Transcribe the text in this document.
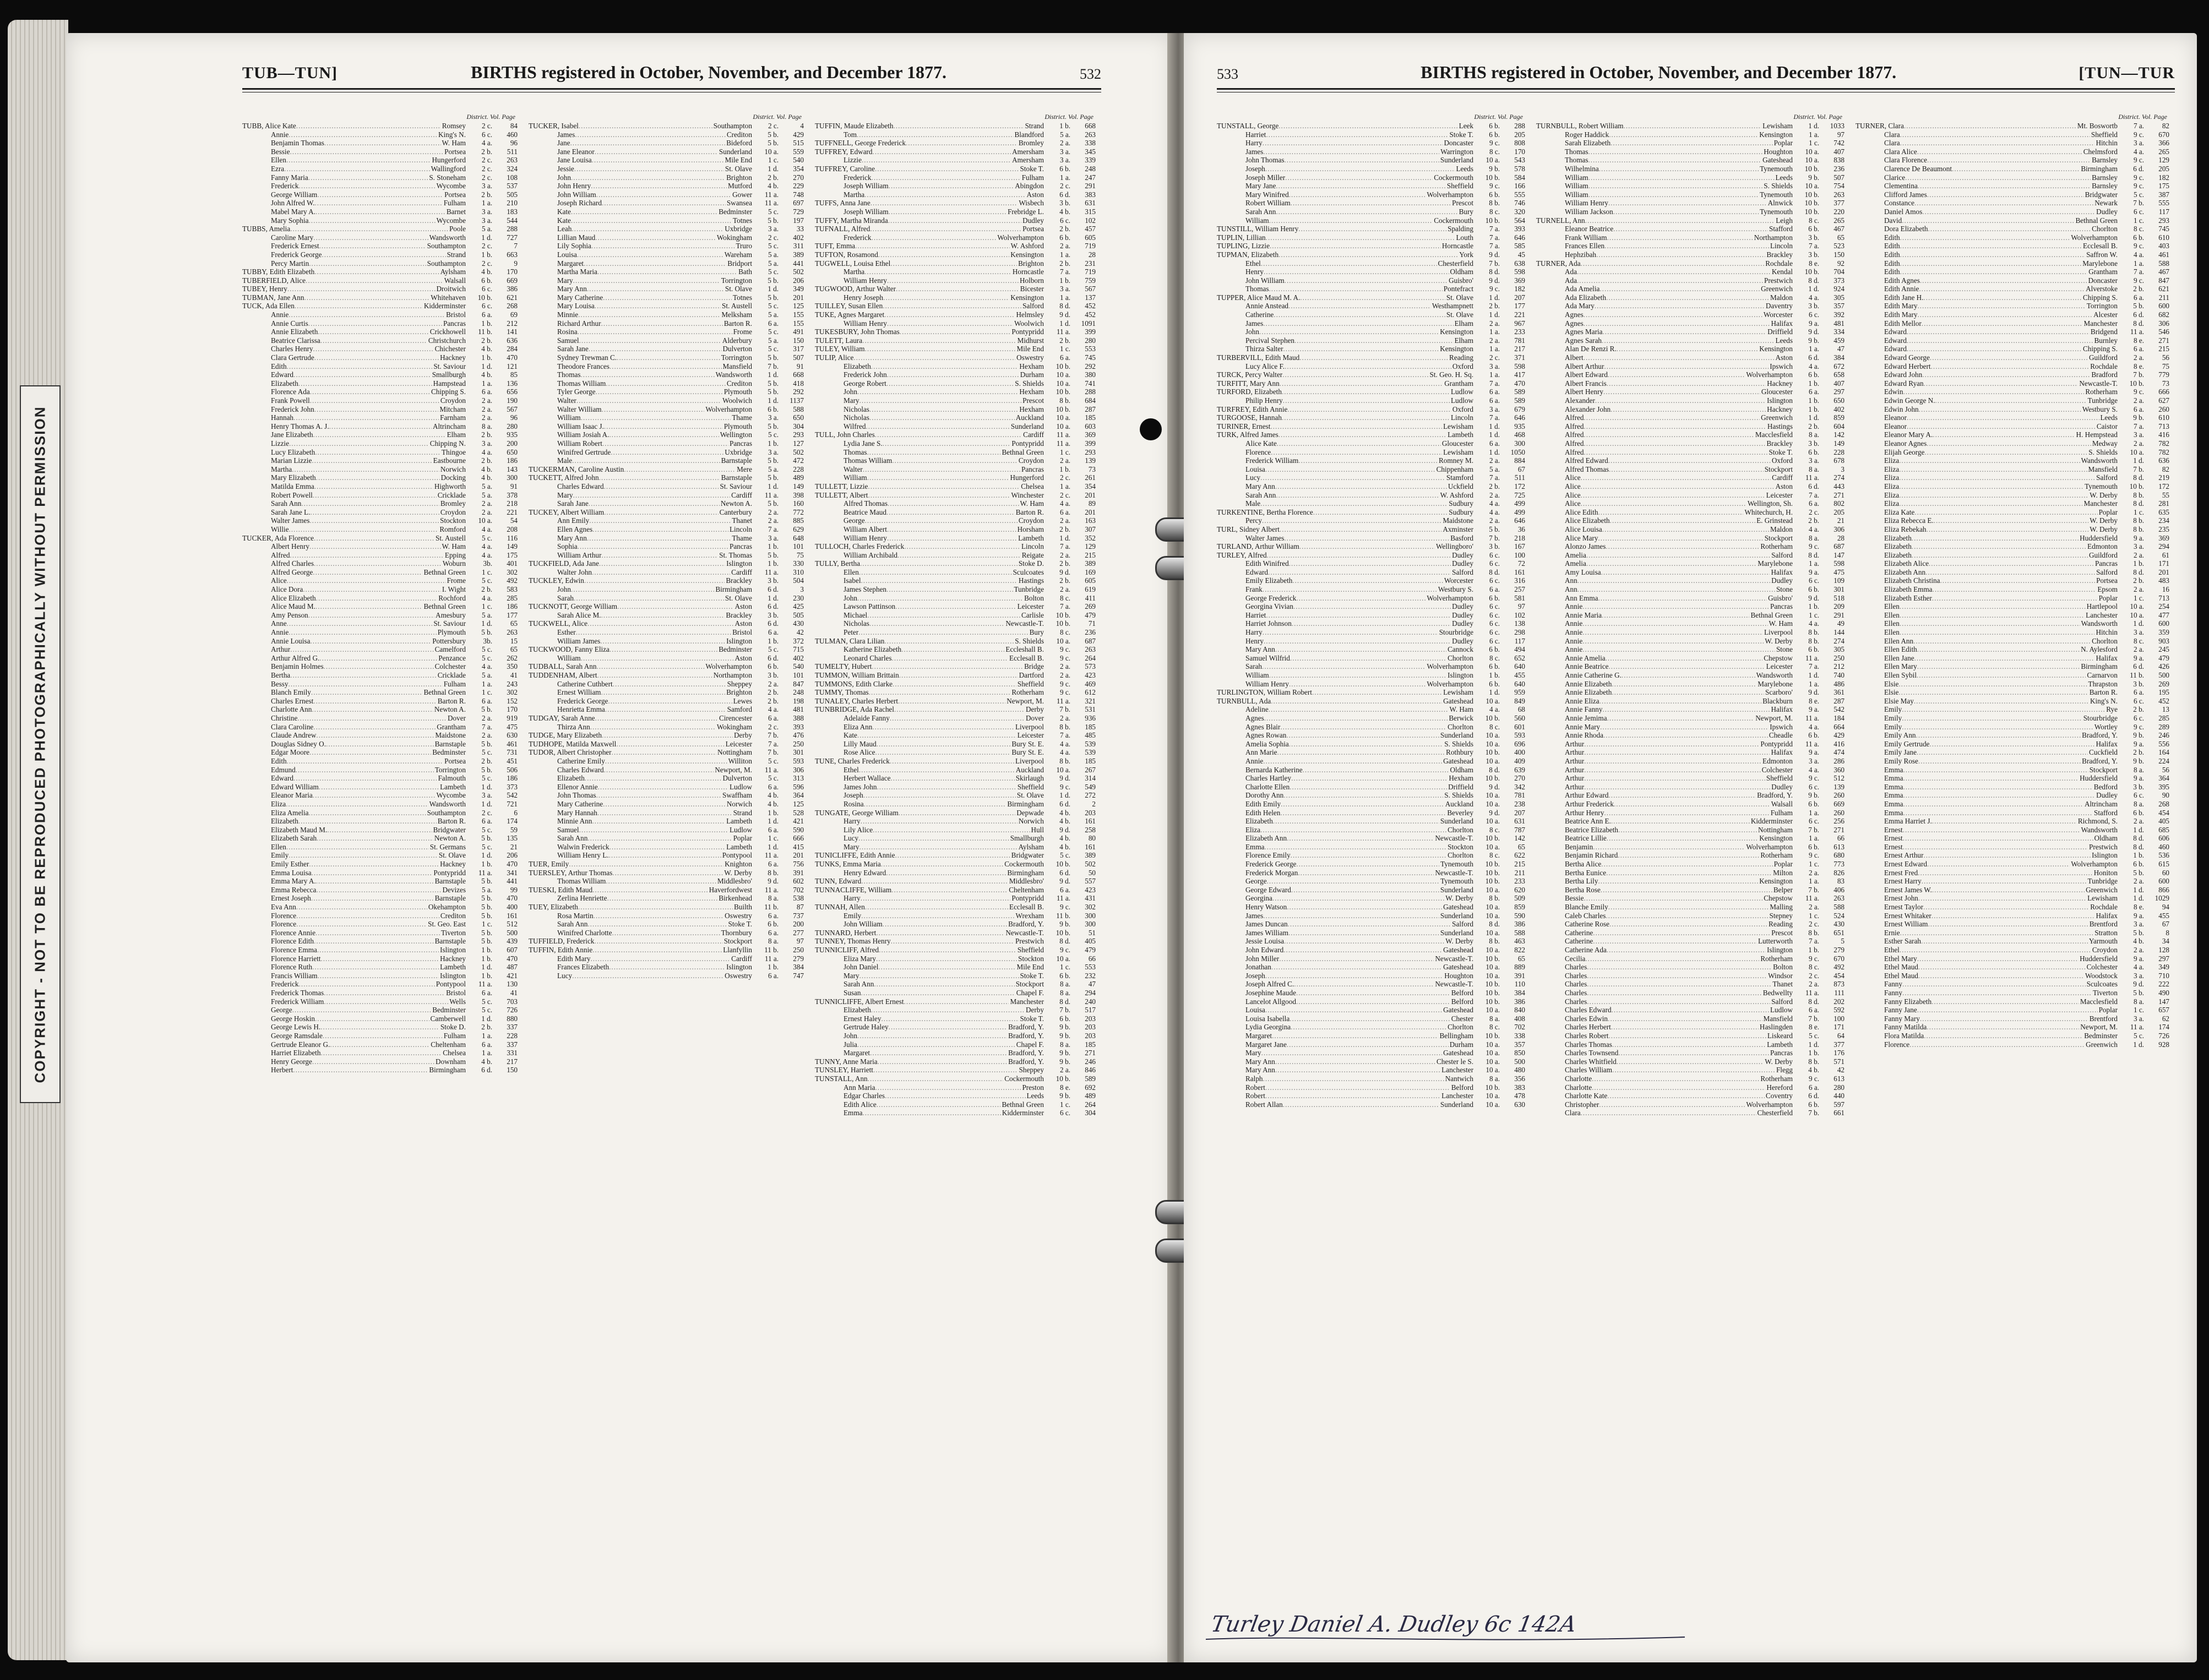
COPYRIGHT - NOT TO BE REPRODUCED PHOTOGRAPHICALLY WITHOUT PERMISSION
TUB—TUN]	BIRTHS registered in October, November, and December 1877.	532
District. Vol. Page
TUBB, Alice Kate
.....	Romsey	2 c.	84
Annie
.....	King's N.	6 c.	460
Benjamin Thomas
.....	W. Ham	4 a.	96
Bessie
.....	Portsea	2 b.	511
Ellen
.....	Hungerford	2 c.	263
Ezra
.....	Wallingford	2 c.	324
Fanny Maria
.....	S. Stoneham	2 c.	108
Frederick
.....	Wycombe	3 a.	537
George William
.....	Portsea	2 b.	505
John Alfred W.
.....	Fulham	1 a.	210
Mabel Mary A.
.....	Barnet	3 a.	183
Mary Sophia
.....	Wycombe	3 a.	544
TUBBS, Amelia
.....	Poole	5 a.	288
Caroline Mary
.....	Wandsworth	1 d.	727
Frederick Ernest
.....	Southampton	2 c.	7
Frederick George
.....	Strand	1 b.	663
Percy Martin
.....	Southampton	2 c.	9
TUBBY, Edith Elizabeth
.....	Aylsham	4 b.	170
TUBERFIELD, Alice
.....	Walsall	6 b.	669
TUBEY, Henry
.....	Droitwich	6 c.	386
TUBMAN, Jane Ann
.....	Whitehaven	10 b.	621
TUCK, Ada Ellen
.....	Kidderminster	6 c.	268
Annie
.....	Bristol	6 a.	69
Annie Curtis
.....	Pancras	1 b.	212
Annie Elizabeth
.....	Crickhowell	11 b.	141
Beatrice Clarissa
.....	Christchurch	2 b.	636
Charles Henry
.....	Chichester	4 b.	284
Clara Gertrude
.....	Hackney	1 b.	470
Edith
.....	St. Saviour	1 d.	121
Edward
.....	Smallburgh	4 b.	85
Elizabeth
.....	Hampstead	1 a.	136
Florence Ada
.....	Chipping S.	6 a.	656
Frank Powell
.....	Croydon	2 a.	190
Frederick John
.....	Mitcham	2 a.	567
Hannah
.....	Farnham	2 a.	96
Henry Thomas A. J.
.....	Altrincham	8 a.	280
Jane Elizabeth
.....	Elham	2 b.	935
Lizzie
.....	Chipping N.	3 a.	200
Lucy Elizabeth
.....	Thingoe	4 a.	650
Marian Lizzie
.....	Eastbourne	2 b.	186
Martha
.....	Norwich	4 b.	143
Mary Elizabeth
.....	Docking	4 b.	300
Matilda Emma
.....	Highworth	5 a.	91
Robert Powell
.....	Cricklade	5 a.	378
Sarah Ann
.....	Bromley	2 a.	218
Sarah Jane L.
.....	Croydon	2 a.	221
Walter James
.....	Stockton	10 a.	54
Willie
.....	Romford	4 a.	208
TUCKER, Ada Florence
.....	St. Austell	5 c.	116
Albert Henry
.....	W. Ham	4 a.	149
Alfred
.....	Epping	4 a.	175
Alfred Charles
.....	Woburn	3b.	401
Alfred George
.....	Bethnal Green	1 c.	302
Alice
.....	Frome	5 c.	492
Alice Dora
.....	I. Wight	2 b.	583
Alice Elizabeth
.....	Rochford	4 a.	285
Alice Maud M.
.....	Bethnal Green	1 c.	186
Amy Penson
.....	Amesbury	5 a.	177
Anne
.....	St. Saviour	1 d.	65
Annie
.....	Plymouth	5 b.	263
Annie Louisa
.....	Pottersbury	3b.	15
Arthur
.....	Camelford	5 c.	65
Arthur Alfred G.
.....	Penzance	5 c.	262
Benjamin Holmes
.....	Colchester	4 a.	350
Bertha
.....	Cricklade	5 a.	41
Bessy
.....	Fulham	1 a.	243
Blanch Emily
.....	Bethnal Green	1 c.	302
Charles Ernest
.....	Barton R.	6 a.	152
Charlotte Ann
.....	Newton A.	5 b.	170
Christine
.....	Dover	2 a.	919
Clara Caroline
.....	Grantham	7 a.	475
Claude Andrew
.....	Maidstone	2 a.	630
Douglas Sidney O.
.....	Barnstaple	5 b.	461
Edgar Moore
.....	Bedminster	5 c.	731
Edith
.....	Portsea	2 b.	451
Edmund
.....	Torrington	5 b.	506
Edward
.....	Falmouth	5 c.	186
Edward William
.....	Lambeth	1 d.	373
Eleanor Maria
.....	Wycombe	3 a.	542
Eliza
.....	Wandsworth	1 d.	721
Eliza Amelia
.....	Southampton	2 c.	6
Elizabeth
.....	Barton R.	6 a.	174
Elizabeth Maud M.
.....	Bridgwater	5 c.	59
Elizabeth Sarah
.....	Newton A.	5 b.	135
Ellen
.....	St. Germans	5 c.	21
Emily
.....	St. Olave	1 d.	206
Emily Esther
.....	Hackney	1 b.	470
Emma Louisa
.....	Pontypridd	11 a.	341
Emma Mary A.
.....	Barnstaple	5 b.	441
Emma Rebecca
.....	Devizes	5 a.	99
Ernest Joseph
.....	Barnstaple	5 b.	470
Eva Ann
.....	Okehampton	5 b.	400
Florence
.....	Crediton	5 b.	161
Florence
.....	St. Geo. East	1 c.	512
Florence Annie
.....	Tiverton	5 b.	500
Florence Edith
.....	Barnstaple	5 b.	439
Florence Emma
.....	Islington	1 b.	607
Florence Harriett
.....	Hackney	1 b.	470
Florence Ruth
.....	Lambeth	1 d.	487
Francis William
.....	Islington	1 b.	421
Frederick
.....	Pontypool	11 a.	130
Frederick Thomas
.....	Bristol	6 a.	41
Frederick William
.....	Wells	5 c.	703
George
.....	Bedminster	5 c.	726
George Hoskin
.....	Camberwell	1 d.	880
George Lewis H.
.....	Stoke D.	2 b.	337
George Ramsdale
.....	Fulham	1 a.	228
Gertrude Eleanor G.
.....	Cheltenham	6 a.	337
Harriet Elizabeth
.....	Chelsea	1 a.	331
Henry George
.....	Downham	4 b.	217
Herbert
.....	Birmingham	6 d.	150
District. Vol. Page
TUCKER, Isabel
.....	Southampton	2 c.	4
James
.....	Crediton	5 b.	429
Jane
.....	Bideford	5 b.	515
Jane Eleanor
.....	Sunderland	10 a.	559
Jane Louisa
.....	Mile End	1 c.	540
Jessie
.....	St. Olave	1 d.	354
John
.....	Brighton	2 b.	270
John Henry
.....	Mutford	4 b.	229
John William
.....	Gower	11 a.	748
Joseph Richard
.....	Swansea	11 a.	697
Kate
.....	Bedminster	5 c.	729
Kate
.....	Totnes	5 b.	197
Leah
.....	Uxbridge	3 a.	33
Lillian Maud
.....	Wokingham	2 c.	402
Lily Sophia
.....	Truro	5 c.	311
Louisa
.....	Wareham	5 a.	389
Margaret
.....	Bridport	5 a.	441
Martha Maria
.....	Bath	5 c.	502
Mary
.....	Torrington	5 b.	206
Mary Ann
.....	St. Olave	1 d.	349
Mary Catherine
.....	Totnes	5 b.	201
Mary Louisa
.....	St. Austell	5 c.	125
Minnie
.....	Melksham	5 a.	155
Richard Arthur
.....	Barton R.	6 a.	155
Rosina
.....	Frome	5 c.	491
Samuel
.....	Alderbury	5 a.	150
Sarah Jane
.....	Dulverton	5 c.	317
Sydney Trewman C.
.....	Torrington	5 b.	507
Theodore Frances
.....	Mansfield	7 b.	91
Thomas
.....	Wandsworth	1 d.	668
Thomas William
.....	Crediton	5 b.	418
Tyler George
.....	Plymouth	5 b.	292
Walter
.....	Woolwich	1 d.	1137
Walter William
.....	Wolverhampton	6 b.	588
William
.....	Thame	3 a.	650
William Isaac J.
.....	Plymouth	5 b.	304
William Josiah A.
.....	Wellington	5 c.	293
William Robert
.....	Pancras	1 b.	127
Winifred Gertrude
.....	Uxbridge	3 a.	502
Male
.....	Barnstaple	5 b.	472
TUCKERMAN, Caroline Austin
.....	Mere	5 a.	228
TUCKETT, Alfred John
.....	Barnstaple	5 b.	489
Charles Edward
.....	St. Saviour	1 d.	149
Mary
.....	Cardiff	11 a.	398
Sarah Jane
.....	Newton A.	5 b.	160
TUCKEY, Albert William
.....	Canterbury	2 a.	772
Ann Emily
.....	Thanet	2 a.	885
Ellen Agnes
.....	Lincoln	7 a.	629
Mary Ann
.....	Thame	3 a.	648
Sophia
.....	Pancras	1 b.	101
William Arthur
.....	St. Thomas	5 b.	75
TUCKFIELD, Ada Jane
.....	Islington	1 b.	330
Walter John
.....	Cardiff	11 a.	310
TUCKLEY, Edwin
.....	Brackley	3 b.	504
John
.....	Birmingham	6 d.	3
Sarah
.....	St. Olave	1 d.	230
TUCKNOTT, George William
.....	Aston	6 d.	425
Sarah Alice M.
.....	Brackley	3 b.	505
TUCKWELL, Alice
.....	Aston	6 d.	430
Esther
.....	Bristol	6 a.	42
William James
.....	Islington	1 b.	372
TUCKWOOD, Fanny Eliza
.....	Bedminster	5 c.	715
William
.....	Aston	6 d.	402
TUDBALL, Sarah Ann
.....	Wolverhampton	6 b.	540
TUDDENHAM, Albert
.....	Northampton	3 b.	101
Catherine Cuthbert
.....	Sheppey	2 a.	847
Ernest William
.....	Brighton	2 b.	248
Frederick George
.....	Lewes	2 b.	198
Henrietta Emma
.....	Samford	4 a.	481
TUDGAY, Sarah Anne
.....	Cirencester	6 a.	388
Thirza Ann
.....	Wokingham	2 c.	393
TUDGE, Mary Elizabeth
.....	Derby	7 b.	476
TUDHOPE, Matilda Maxwell
.....	Leicester	7 a.	250
TUDOR, Albert Christopher
.....	Nottingham	7 b.	301
Catherine Emily
.....	Williton	5 c.	593
Charles Edward
.....	Newport, M.	11 a.	306
Elizabeth
.....	Dulverton	5 c.	313
Ellenor Annie
.....	Ludlow	6 a.	596
John Thomas
.....	Swaffham	4 b.	364
Mary Catherine
.....	Norwich	4 b.	125
Mary Hannah
.....	Strand	1 b.	528
Minnie Ann
.....	Lambeth	1 d.	421
Samuel
.....	Ludlow	6 a.	590
Sarah Ann
.....	Poplar	1 c.	666
Walwin Frederick
.....	Lambeth	1 d.	415
William Henry L.
.....	Pontypool	11 a.	201
TUER, Emily
.....	Knighton	6 a.	756
TUERSLEY, Arthur Thomas
.....	W. Derby	8 b.	391
Thomas William
.....	Middlesbro'	9 d.	602
TUESKI, Edith Maud
.....	Haverfordwest	11 a.	702
Zerlina Henriette
.....	Birkenhead	8 a.	538
TUEY, Elizabeth
.....	Builth	11 b.	87
Rosa Martin
.....	Oswestry	6 a.	737
Sarah Ann
.....	Stoke T.	6 b.	200
Winifred Charlotte
.....	Thornbury	6 a.	277
TUFFIELD, Frederick
.....	Stockport	8 a.	97
TUFFIN, Edith Annie
.....	Llanfyllin	11 b.	250
Edith Mary
.....	Cardiff	11 a.	279
Frances Elizabeth
.....	Islington	1 b.	384
Lucy
.....	Oswestry	6 a.	747
District. Vol. Page
TUFFIN, Maude Elizabeth
.....	Strand	1 b.	668
Tom
.....	Blandford	5 a.	263
TUFFNELL, George Frederick
.....	Bromley	2 a.	338
TUFFREY, Edward
.....	Amersham	3 a.	345
Lizzie
.....	Amersham	3 a.	339
TUFFREY, Caroline
.....	Stoke T.	6 b.	248
Frederick
.....	Fulham	1 a.	247
Joseph William
.....	Abingdon	2 c.	291
Martha
.....	Aston	6 d.	383
TUFFS, Anna Jane
.....	Wisbech	3 b.	631
Joseph William
.....	Frebridge L.	4 b.	315
TUFFY, Martha Miranda
.....	Dudley	6 c.	102
TUFNALL, Alfred
.....	Portsea	2 b.	457
Frederick
.....	Wolverhampton	6 b.	605
TUFT, Emma
.....	W. Ashford	2 a.	719
TUFTON, Rosamond
.....	Kensington	1 a.	28
TUGWELL, Louisa Ethel
.....	Brighton	2 b.	231
Martha
.....	Horncastle	7 a.	719
William Henry
.....	Holborn	1 b.	759
TUGWOOD, Arthur Walter
.....	Bicester	3 a.	567
Henry Joseph
.....	Kensington	1 a.	137
TUILLEY, Susan Ellen
.....	Salford	8 d.	452
TUKE, Agnes Margaret
.....	Helmsley	9 d.	452
William Henry
.....	Woolwich	1 d.	1091
TUKESBURY, John Thomas
.....	Pontypridd	11 a.	399
TULETT, Laura
.....	Midhurst	2 b.	280
TULEY, William
.....	Mile End	1 c.	553
TULIP, Alice
.....	Oswestry	6 a.	745
Elizabeth
.....	Hexham	10 b.	292
Frederick John
.....	Durham	10 a.	380
George Robert
.....	S. Shields	10 a.	741
John
.....	Hexham	10 b.	288
Mary
.....	Prescot	8 b.	684
Nicholas
.....	Hexham	10 b.	287
Nicholas
.....	Auckland	10 a.	185
Wilfred
.....	Sunderland	10 a.	603
TULL, John Charles
.....	Cardiff	11 a.	369
Lydia Jane S.
.....	Pontypridd	11 a.	399
Thomas
.....	Bethnal Green	1 c.	293
Thomas William
.....	Croydon	2 a.	139
Walter
.....	Pancras	1 b.	73
William
.....	Hungerford	2 c.	261
TULLETT, Lizzie
.....	Chelsea	1 a.	354
TULLETT, Albert
.....	Winchester	2 c.	201
Alfred Thomas
.....	W. Ham	4 a.	89
Beatrice Maud
.....	Barton R.	6 a.	201
George
.....	Croydon	2 a.	163
William Albert
.....	Horsham	2 b.	307
William Henry
.....	Lambeth	1 d.	352
TULLOCH, Charles Frederick
.....	Lincoln	7 a.	129
William Archibald
.....	Reigate	2 a.	215
TULLY, Bertha
.....	Stoke D.	2 b.	389
Ellen
.....	Sculcoates	9 d.	169
Isabel
.....	Hastings	2 b.	605
James Stephen
.....	Tunbridge	2 a.	619
John
.....	Bolton	8 c.	411
Lawson Pattinson
.....	Leicester	7 a.	269
Michael
.....	Carlisle	10 b.	479
Nicholas
.....	Newcastle-T.	10 b.	71
Peter
.....	Bury	8 c.	236
TULMAN, Clara Lilian
.....	S. Shields	10 a.	687
Katherine Elizabeth
.....	Eccleshall B.	9 c.	263
Leonard Charles
.....	Ecclesall B.	9 c.	264
TUMELTY, Hubert
.....	Bridge	2 a.	573
TUMMON, William Brittain
.....	Dartford	2 a.	423
TUMMONS, Edith Clarke
.....	Sheffield	9 c.	469
TUMMY, Thomas
.....	Rotherham	9 c.	612
TUNALEY, Charles Herbert
.....	Newport, M.	11 a.	321
TUNBRIDGE, Ada Rachel
.....	Derby	7 b.	531
Adelaide Fanny
.....	Dover	2 a.	936
Eliza Ann
.....	Liverpool	8 b.	185
Kate
.....	Leicester	7 a.	485
Lilly Maud
.....	Bury St. E.	4 a.	539
Rose Alice
.....	Bury St. E.	4 a.	539
TUNE, Charles Frederick
.....	Liverpool	8 b.	185
Ethel
.....	Auckland	10 a.	267
Herbert Wallace
.....	Skirlaugh	9 d.	314
James John
.....	Sheffield	9 c.	549
Joseph
.....	St. Olave	1 d.	272
Rosina
.....	Birmingham	6 d.	2
TUNGATE, George William
.....	Depwade	4 b.	203
Harry
.....	Norwich	4 b.	161
Lily Alice
.....	Hull	9 d.	258
Lucy
.....	Smallburgh	4 b.	80
Mary
.....	Aylsham	4 b.	161
TUNICLIFFE, Edith Annie
.....	Bridgwater	5 c.	389
TUNKS, Emma Maria
.....	Cockermouth	10 b.	502
Henry Edward
.....	Birmingham	6 d.	50
TUNN, Edward
.....	Middlesbro'	9 d.	557
TUNNACLIFFE, William
.....	Cheltenham	6 a.	423
Harry
.....	Pontypridd	11 a.	431
TUNNAH, Allen
.....	Ecclesall B.	9 c.	302
Emily
.....	Wrexham	11 b.	300
John William
.....	Bradford, Y.	9 b.	300
TUNNARD, Herbert
.....	Newcastle-T.	10 b.	51
TUNNEY, Thomas Henry
.....	Prestwich	8 d.	405
TUNNICLIFF, Alfred
.....	Sheffield	9 c.	479
Eliza Mary
.....	Stockton	10 a.	66
John Daniel
.....	Mile End	1 c.	553
Mary
.....	Stoke T.	6 b.	232
Sarah Ann
.....	Stockport	8 a.	47
Susan
.....	Chapel F.	8 a.	294
TUNNICLIFFE, Albert Ernest
.....	Manchester	8 d.	240
Elizabeth
.....	Derby	7 b.	517
Ernest Haley
.....	Stoke T.	6 b.	203
Gertrude Haley
.....	Bradford, Y.	9 b.	203
John
.....	Bradford, Y.	9 b.	203
Julia
.....	Chapel F.	8 a.	185
Margaret
.....	Bradford, Y.	9 b.	271
TUNNY, Anne Maria
.....	Bradford, Y.	9 b.	246
TUNSLEY, Harriett
.....	Sheppey	2 a.	846
TUNSTALL, Ann
.....	Cockermouth	10 b.	589
Ann Maria
.....	Preston	8 e.	692
Edgar Charles
.....	Leeds	9 b.	489
Edith Alice
.....	Bethnal Green	1 c.	264
Emma
.....	Kidderminster	6 c.	304
533	BIRTHS registered in October, November, and December 1877.	[TUN—TUR
District. Vol. Page
TUNSTALL, George
.....	Leek	6 b.	288
Harriet
.....	Stoke T.	6 b.	205
Harry
.....	Doncaster	9 c.	808
James
.....	Warrington	8 c.	170
John Thomas
.....	Sunderland	10 a.	543
Joseph
.....	Leeds	9 b.	578
Joseph Miller
.....	Cockermouth	10 b.	584
Mary Jane
.....	Sheffield	9 c.	166
Mary Winifred
.....	Wolverhampton	6 b.	555
Robert William
.....	Prescot	8 b.	746
Sarah Ann
.....	Bury	8 c.	320
William
.....	Cockermouth	10 b.	564
TUNSTILL, William Henry
.....	Spalding	7 a.	393
TUPLIN, Lillian
.....	Louth	7 a.	646
TUPLING, Lizzie
.....	Horncastle	7 a.	585
TUPMAN, Elizabeth
.....	York	9 d.	45
Ethel
.....	Chesterfield	7 b.	638
Henry
.....	Oldham	8 d.	598
John William
.....	Guisbro'	9 d.	369
Thomas
.....	Pontefract	9 c.	182
TUPPER, Alice Maud M. A.
.....	St. Olave	1 d.	207
Annie Anstead
.....	Westhampnett	2 b.	177
Catherine
.....	St. Olave	1 d.	221
James
.....	Elham	2 a.	967
John
.....	Kensington	1 a.	233
Percival Stephen
.....	Elham	2 a.	781
Thirza Salter
.....	Kensington	1 a.	217
TURBERVILL, Edith Maud
.....	Reading	2 c.	371
Lucy Alice F.
.....	Oxford	3 a.	598
TURCK, Percy Walter
.....	St. Geo. H. Sq.	1 a.	417
TURFITT, Mary Ann
.....	Grantham	7 a.	470
TURFORD, Elizabeth
.....	Ludlow	6 a.	589
Philip Henry
.....	Ludlow	6 a.	589
TURFREY, Edith Annie
.....	Oxford	3 a.	679
TURGOOSE, Hannah
.....	Lincoln	7 a.	646
TURINER, Ernest
.....	Lewisham	1 d.	935
TURK, Alfred James
.....	Lambeth	1 d.	468
Alice Kate
.....	Gloucester	6 a.	300
Florence
.....	Lewisham	1 d.	1050
Frederick William
.....	Romney M.	2 a.	884
Louisa
.....	Chippenham	5 a.	67
Lucy
.....	Stamford	7 a.	511
Mary Ann
.....	Uckfield	2 b.	172
Sarah Ann
.....	W. Ashford	2 a.	725
Male
.....	Sudbury	4 a.	499
TURKENTINE, Bertha Florence
.....	Sudbury	4 a.	499
Percy
.....	Maidstone	2 a.	646
TURL, Sidney Albert
.....	Axminster	5 b.	36
Walter James
.....	Basford	7 b.	218
TURLAND, Arthur William
.....	Wellingboro'	3 b.	167
TURLEY, Alfred
.....	Dudley	6 c.	100
Edith Winifred
.....	Dudley	6 c.	72
Edward
.....	Salford	8 d.	161
Emily Elizabeth
.....	Worcester	6 c.	316
Frank
.....	Westbury S.	6 a.	257
George Frederick
.....	Wolverhampton	6 b.	581
Georgina Vivian
.....	Dudley	6 c.	97
Harriet
.....	Dudley	6 c.	102
Harriet Johnson
.....	Dudley	6 c.	138
Harry
.....	Stourbridge	6 c.	298
Henry
.....	Dudley	6 c.	117
Mary Ann
.....	Cannock	6 b.	494
Samuel Wilfrid
.....	Chorlton	8 c.	652
Sarah
.....	Wolverhampton	6 b.	640
William
.....	Islington	1 b.	455
William Henry
.....	Wolverhampton	6 b.	640
TURLINGTON, William Robert
.....	Lewisham	1 d.	959
TURNBULL, Ada
.....	Gateshead	10 a.	849
Adeline
.....	W. Ham	4 a.	68
Agnes
.....	Berwick	10 b.	560
Agnes Blair
.....	Chorlton	8 c.	601
Agnes Rowan
.....	Sunderland	10 a.	593
Amelia Sophia
.....	S. Shields	10 a.	696
Ann Marie
.....	Rothbury	10 b.	400
Annie
.....	Gateshead	10 a.	409
Bernarda Katherine
.....	Oldham	8 d.	639
Charles Hartley
.....	Hexham	10 b.	270
Charlotte Ellen
.....	Driffield	9 d.	342
Dorothy Ann
.....	S. Shields	10 a.	781
Edith Emily
.....	Auckland	10 a.	238
Edith Helen
.....	Beverley	9 d.	207
Elizabeth
.....	Sunderland	10 a.	631
Eliza
.....	Chorlton	8 c.	787
Elizabeth Ann
.....	Newcastle-T.	10 b.	142
Emma
.....	Stockton	10 a.	65
Florence Emily
.....	Chorlton	8 c.	622
Frederick George
.....	Tynemouth	10 b.	215
Frederick Morgan
.....	Newcastle-T.	10 b.	211
George
.....	Tynemouth	10 b.	233
George Edward
.....	Sunderland	10 a.	620
Georgina
.....	W. Derby	8 b.	509
Henry Watson
.....	Gateshead	10 a.	859
James
.....	Sunderland	10 a.	590
James Duncan
.....	Salford	8 d.	386
James William
.....	Sunderland	10 a.	588
Jessie Louisa
.....	W. Derby	8 b.	463
John Edward
.....	Gateshead	10 a.	822
John Miller
.....	Newcastle-T.	10 b.	65
Jonathan
.....	Gateshead	10 a.	889
Joseph
.....	Houghton	10 a.	391
Joseph Alfred C.
.....	Newcastle-T.	10 b.	110
Josephine Maude
.....	Belford	10 b.	384
Lancelot Allgood
.....	Belford	10 b.	386
Louisa
.....	Gateshead	10 a.	840
Louisa Isabella
.....	Chester	8 a.	408
Lydia Georgina
.....	Chorlton	8 c.	702
Margaret
.....	Bellingham	10 b.	338
Margaret Jane
.....	Durham	10 a.	357
Mary
.....	Gateshead	10 a.	850
Mary Ann
.....	Chester le S.	10 a.	500
Mary Ann
.....	Lanchester	10 a.	480
Ralph
.....	Nantwich	8 a.	356
Robert
.....	Belford	10 b.	383
Robert
.....	Lanchester	10 a.	478
Robert Allan
.....	Sunderland	10 a.	630
District. Vol. Page
TURNBULL, Robert William
.....	Lewisham	1 d.	1033
Roger Haddick
.....	Kensington	1 a.	97
Sarah Elizabeth
.....	Poplar	1 c.	742
Thomas
.....	Houghton	10 a.	407
Thomas
.....	Gateshead	10 a.	838
Wilhelmina
.....	Tynemouth	10 b.	236
William
.....	Leeds	9 b.	507
William
.....	S. Shields	10 a.	754
William
.....	Tynemouth	10 b.	263
William Henry
.....	Alnwick	10 b.	377
William Jackson
.....	Tynemouth	10 b.	220
TURNELL, Ann
.....	Leigh	8 c.	265
Eleanor Beatrice
.....	Stafford	6 b.	467
Frank William
.....	Northampton	3 b.	65
Frances Ellen
.....	Lincoln	7 a.	523
Hephzibah
.....	Brackley	3 b.	150
TURNER, Ada
.....	Rochdale	8 e.	92
Ada
.....	Kendal	10 b.	704
Ada
.....	Prestwich	8 d.	373
Ada Amelia
.....	Greenwich	1 d.	924
Ada Elizabeth
.....	Maldon	4 a.	305
Ada Mary
.....	Daventry	3 b.	357
Agnes
.....	Worcester	6 c.	392
Agnes
.....	Halifax	9 a.	481
Agnes Maria
.....	Driffield	9 d.	334
Agnes Sarah
.....	Leeds	9 b.	459
Alan De Renzi R.
.....	Kensington	1 a.	47
Albert
.....	Aston	6 d.	384
Albert Arthur
.....	Ipswich	4 a.	672
Albert Edward
.....	Wolverhampton	6 b.	658
Albert Francis
.....	Hackney	1 b.	407
Albert Henry
.....	Gloucester	6 a.	297
Alexander
.....	Islington	1 b.	650
Alexander John
.....	Hackney	1 b.	402
Alfred
.....	Greenwich	1 d.	859
Alfred
.....	Hastings	2 b.	604
Alfred
.....	Macclesfield	8 a.	142
Alfred
.....	Brackley	3 b.	149
Alfred
.....	Stoke T.	6 b.	228
Alfred Edward
.....	Oxford	3 a.	678
Alfred Thomas
.....	Stockport	8 a.	3
Alice
.....	Cardiff	11 a.	274
Alice
.....	Aston	6 d.	443
Alice
.....	Leicester	7 a.	271
Alice
.....	Wellington, Sh.	6 a.	802
Alice Edith
.....	Whitechurch, H.	2 c.	205
Alice Elizabeth
.....	E. Grinstead	2 b.	21
Alice Louisa
.....	Maldon	4 a.	306
Alice Mary
.....	Stockport	8 a.	28
Alonzo James
.....	Rotherham	9 c.	687
Amelia
.....	Salford	8 d.	147
Amelia
.....	Marylebone	1 a.	598
Amy Louisa
.....	Halifax	9 a.	475
Ann
.....	Dudley	6 c.	109
Ann
.....	Stone	6 b.	301
Ann Emma
.....	Guisbro'	9 d.	518
Annie
.....	Pancras	1 b.	209
Annie Maria
.....	Bethnal Green	1 c.	291
Annie
.....	W. Ham	4 a.	49
Annie
.....	Liverpool	8 b.	144
Annie
.....	W. Derby	8 b.	274
Annie
.....	Stone	6 b.	305
Annie Amelia
.....	Chepstow	11 a.	250
Annie Beatrice
.....	Leicester	7 a.	212
Annie Catherine G.
.....	Wandsworth	1 d.	740
Annie Elizabeth
.....	Marylebone	1 a.	486
Annie Elizabeth
.....	Scarboro'	9 d.	361
Annie Eliza
.....	Blackburn	8 e.	287
Annie Fanny
.....	Halifax	9 a.	542
Annie Jemima
.....	Newport, M.	11 a.	184
Annie Mary
.....	Ipswich	4 a.	664
Annie Rhoda
.....	Cheadle	6 b.	429
Arthur
.....	Pontypridd	11 a.	416
Arthur
.....	Halifax	9 a.	474
Arthur
.....	Edmonton	3 a.	286
Arthur
.....	Colchester	4 a.	360
Arthur
.....	Sheffield	9 c.	512
Arthur
.....	Dudley	6 c.	139
Arthur Edward
.....	Bradford, Y.	9 b.	260
Arthur Frederick
.....	Walsall	6 b.	669
Arthur Henry
.....	Fulham	1 a.	260
Beatrice Ann E.
.....	Kidderminster	6 c.	256
Beatrice Elizabeth
.....	Nottingham	7 b.	271
Beatrice Lillie
.....	Kensington	1 a.	66
Benjamin
.....	Wolverhampton	6 b.	613
Benjamin Richard
.....	Rotherham	9 c.	680
Bertha Alice
.....	Poplar	1 c.	773
Bertha Eunice
.....	Milton	2 a.	826
Bertha Lily
.....	Kensington	1 a.	83
Bertha Rose
.....	Belper	7 b.	406
Bessie
.....	Chepstow	11 a.	263
Blanche Emily
.....	Malling	2 a.	588
Caleb Charles
.....	Stepney	1 c.	524
Catherine Rose
.....	Reading	2 c.	430
Catherine
.....	Prescot	8 b.	651
Catherine
.....	Lutterworth	7 a.	5
Catherine Ada
.....	Islington	1 b.	279
Cecilia
.....	Rotherham	9 c.	670
Charles
.....	Bolton	8 c.	492
Charles
.....	Windsor	2 c.	454
Charles
.....	Thanet	2 a.	873
Charles
.....	Bedwellty	11 a.	111
Charles
.....	Salford	8 d.	202
Charles Edward
.....	Ludlow	6 a.	592
Charles Edwin
.....	Mansfield	7 b.	100
Charles Herbert
.....	Haslingden	8 e.	171
Charles Robert
.....	Liskeard	5 c.	64
Charles Thomas
.....	Lambeth	1 d.	377
Charles Townsend
.....	Pancras	1 b.	176
Charles Whitfield
.....	W. Derby	8 b.	571
Charles William
.....	Flegg	4 b.	42
Charlotte
.....	Rotherham	9 c.	613
Charlotte
.....	Hereford	6 a.	280
Charlotte Kate
.....	Coventry	6 d.	440
Christopher
.....	Wolverhampton	6 b.	597
Clara
.....	Chesterfield	7 b.	661
District. Vol. Page
TURNER, Clara
.....	Mt. Boswortb	7 a.	82
Clara
.....	Sheffield	9 c.	670
Clara
.....	Hitchin	3 a.	366
Clara Alice
.....	Chelmsford	4 a.	265
Clara Florence
.....	Barnsley	9 c.	129
Clarence De Beaumont
.....	Birmingham	6 d.	205
Clarice
.....	Barnsley	9 c.	182
Clementina
.....	Barnsley	9 c.	175
Clifford James
.....	Bridgwater	5 c.	387
Constance
.....	Newark	7 b.	555
Daniel Amos
.....	Dudley	6 c.	117
David
.....	Bethnal Green	1 c.	293
Dora Elizabeth
.....	Chorlton	8 c.	745
Edith
.....	Wolverhampton	6 b.	610
Edith
.....	Ecclesall B.	9 c.	403
Edith
.....	Saffron W.	4 a.	461
Edith
.....	Marylebone	1 a.	588
Edith
.....	Grantham	7 a.	467
Edith Agnes
.....	Doncaster	9 c.	847
Edith Annie
.....	Alverstoke	2 b.	621
Edith Jane H.
.....	Chipping S.	6 a.	211
Edith Mary
.....	Torrington	5 b.	600
Edith Mary
.....	Alcester	6 d.	682
Edith Mellor
.....	Manchester	8 d.	306
Edward
.....	Bridgend	11 a.	546
Edward
.....	Burnley	8 e.	271
Edward
.....	Chipping S.	6 a.	215
Edward George
.....	Guildford	2 a.	56
Edward Herbert
.....	Rochdale	8 e.	75
Edward John
.....	Bradford	7 b.	779
Edward Ryan
.....	Newcastle-T.	10 b.	73
Edwin
.....	Rotherham	9 c.	666
Edwin George N.
.....	Tunbridge	2 a.	627
Edwin John
.....	Westbury S.	6 a.	260
Eleanor
.....	Leeds	9 b.	610
Eleanor
.....	Caistor	7 a.	713
Eleanor Mary A.
.....	H. Hempstead	3 a.	416
Eleanor Agnes
.....	Medway	2 a.	782
Elijah George
.....	S. Shields	10 a.	782
Eliza
.....	Wandsworth	1 d.	636
Eliza
.....	Mansfield	7 b.	82
Eliza
.....	Salford	8 d.	219
Eliza
.....	Tynemouth	10 b.	172
Eliza
.....	W. Derby	8 b.	55
Eliza
.....	Manchester	8 d.	281
Eliza Kate
.....	Poplar	1 c.	635
Eliza Rebecca E.
.....	W. Derby	8 b.	234
Eliza Rebekah
.....	W. Derby	8 b.	235
Elizabeth
.....	Huddersfield	9 a.	369
Elizabeth
.....	Edmonton	3 a.	294
Elizabeth
.....	Guildford	2 a.	61
Elizabeth Alice
.....	Pancras	1 b.	171
Elizabeth Ann
.....	Salford	8 d.	201
Elizabeth Christina
.....	Portsea	2 b.	483
Elizabeth Emma
.....	Epsom	2 a.	16
Elizabeth Esther
.....	Poplar	1 c.	713
Ellen
.....	Hartlepool	10 a.	254
Ellen
.....	Lanchester	10 a.	477
Ellen
.....	Wandsworth	1 d.	600
Ellen
.....	Hitchin	3 a.	359
Ellen Ann
.....	Chorlton	8 c.	903
Ellen Edith
.....	N. Aylesford	2 a.	245
Ellen Jane
.....	Halifax	9 a.	479
Ellen Mary
.....	Birmingham	6 d.	426
Ellen Sybil
.....	Carnarvon	11 b.	500
Elsie
.....	Thrapston	3 b.	269
Elsie
.....	Barton R.	6 a.	195
Elsie May
.....	King's N.	6 c.	452
Emily
.....	Rye	2 b.	13
Emily
.....	Stourbridge	6 c.	285
Emily
.....	Wortley	9 c.	289
Emily Ann
.....	Bradford, Y.	9 b.	246
Emily Gertrude
.....	Halifax	9 a.	556
Emily Jane
.....	Cuckfield	2 b.	164
Emily Rose
.....	Bradford, Y.	9 b.	224
Emma
.....	Stockport	8 a.	56
Emma
.....	Huddersfield	9 a.	364
Emma
.....	Bedford	3 b.	395
Emma
.....	Dudley	6 c.	90
Emma
.....	Altrincham	8 a.	268
Emma
.....	Stafford	6 b.	454
Emma Harriet J.
.....	Richmond, S.	2 a.	405
Ernest
.....	Wandsworth	1 d.	685
Ernest
.....	Oldham	8 d.	606
Ernest
.....	Prestwich	8 d.	460
Ernest Arthur
.....	Islington	1 b.	536
Ernest Edward
.....	Wolverhampton	6 b.	615
Ernest Fred
.....	Honiton	5 b.	60
Ernest Harry
.....	Tunbridge	2 a.	600
Ernest James W.
.....	Greenwich	1 d.	866
Ernest John
.....	Lewisham	1 d.	1029
Ernest Taylor
.....	Rochdale	8 e.	94
Ernest Whitaker
.....	Halifax	9 a.	455
Ernest William
.....	Brentford	3 a.	67
Ernie
.....	Stratton	5 b.	8
Esther Sarah
.....	Yarmouth	4 b.	34
Ethel
.....	Croydon	2 a.	128
Ethel Mary
.....	Huddersfield	9 a.	297
Ethel Maud
.....	Colchester	4 a.	349
Ethel Maud
.....	Woodstock	3 a.	710
Fanny
.....	Sculcoates	9 d.	222
Fanny
.....	Tiverton	5 b.	490
Fanny Elizabeth
.....	Macclesfield	8 a.	147
Fanny Jane
.....	Poplar	1 c.	657
Fanny Mary
.....	Brentford	3 a.	62
Fanny Matilda
.....	Newport, M.	11 a.	174
Flora Matilda
.....	Bedminster	5 c.	726
Florence
.....	Greenwich	1 d.	928
Turley Daniel A. Dudley 6c 142A
